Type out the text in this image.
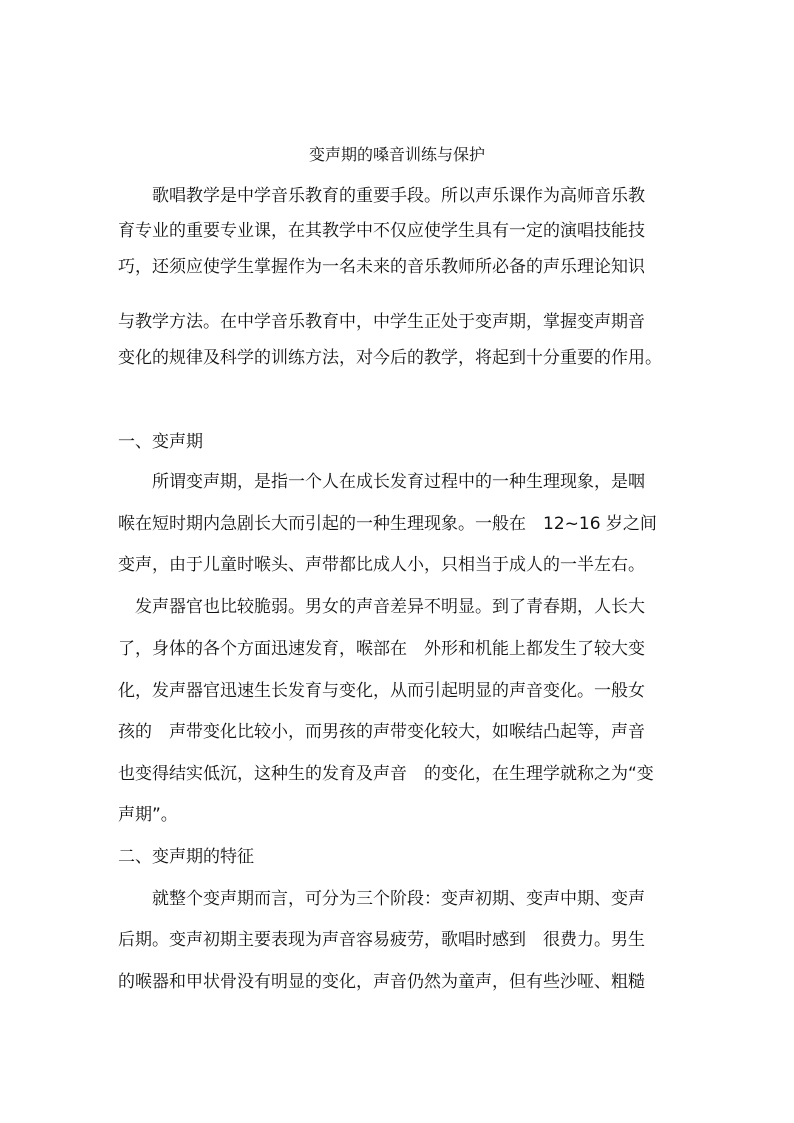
变声期的嗓音训练与保护
　　歌唱教学是中学音乐教育的重要手段。所以声乐课作为高师音乐教
育专业的重要专业课，在其教学中不仅应使学生具有一定的演唱技能技
巧，还须应使学生掌握作为一名未来的音乐教师所必备的声乐理论知识
与教学方法。在中学音乐教育中，中学生正处于变声期，掌握变声期音
变化的规律及科学的训练方法，对今后的教学，将起到十分重要的作用。
一、变声期
　　所谓变声期，是指一个人在成长发育过程中的一种生理现象，是咽
喉在短时期内急剧长大而引起的一种生理现象。一般在　12~16 岁之间
变声，由于儿童时喉头、声带都比成人小，只相当于成人的一半左右。
　发声器官也比较脆弱。男女的声音差异不明显。到了青春期，人长大
了，身体的各个方面迅速发育，喉部在　外形和机能上都发生了较大变
化，发声器官迅速生长发育与变化，从而引起明显的声音变化。一般女
孩的　声带变化比较小，而男孩的声带变化较大，如喉结凸起等，声音
也变得结实低沉，这种生的发育及声音　的变化，在生理学就称之为“变
声期”。
二、变声期的特征
　　就整个变声期而言，可分为三个阶段：变声初期、变声中期、变声
后期。变声初期主要表现为声音容易疲劳，歌唱时感到　很费力。男生
的喉器和甲状骨没有明显的变化，声音仍然为童声，但有些沙哑、粗糙
